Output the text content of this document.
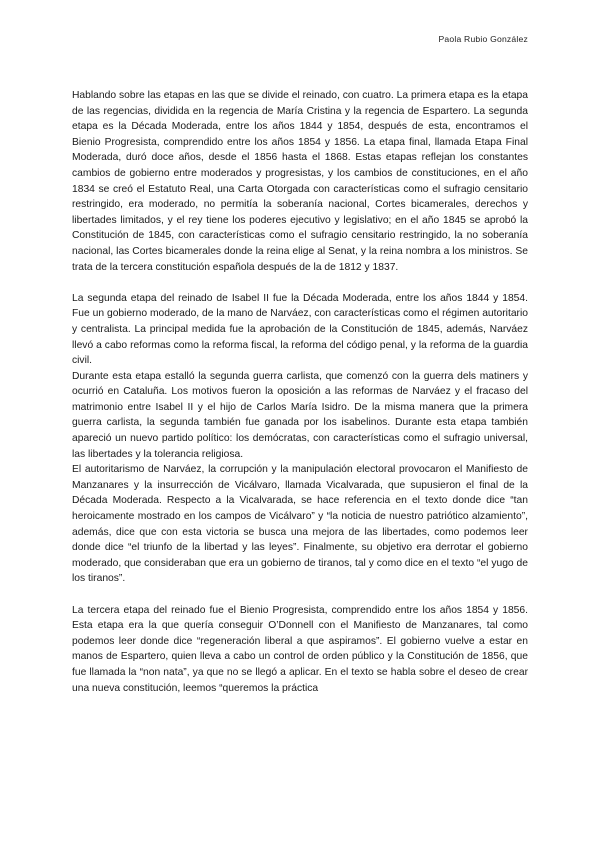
Paola Rubio González

Hablando sobre las etapas en las que se divide el reinado, con cuatro. La primera etapa es la etapa de las regencias, dividida en la regencia de María Cristina y la regencia de Espartero. La segunda etapa es la Década Moderada, entre los años 1844 y 1854, después de esta, encontramos el Bienio Progresista, comprendido entre los años 1854 y 1856. La etapa final, llamada Etapa Final Moderada, duró doce años, desde el 1856 hasta el 1868. Estas etapas reflejan los constantes cambios de gobierno entre moderados y progresistas, y los cambios de constituciones, en el año 1834 se creó el Estatuto Real, una Carta Otorgada con características como el sufragio censitario restringido, era moderado, no permitía la soberanía nacional, Cortes bicamerales, derechos y libertades limitados, y el rey tiene los poderes ejecutivo y legislativo; en el año 1845 se aprobó la Constitución de 1845, con características como el sufragio censitario restringido, la no soberanía nacional, las Cortes bicamerales donde la reina elige al Senat, y la reina nombra a los ministros. Se trata de la tercera constitución española después de la de 1812 y 1837.

La segunda etapa del reinado de Isabel II fue la Década Moderada, entre los años 1844 y 1854. Fue un gobierno moderado, de la mano de Narváez, con características como el régimen autoritario y centralista. La principal medida fue la aprobación de la Constitución de 1845, además, Narváez llevó a cabo reformas como la reforma fiscal, la reforma del código penal, y la reforma de la guardia civil.

Durante esta etapa estalló la segunda guerra carlista, que comenzó con la guerra dels matiners y ocurrió en Cataluña. Los motivos fueron la oposición a las reformas de Narváez y el fracaso del matrimonio entre Isabel II y el hijo de Carlos María Isidro. De la misma manera que la primera guerra carlista, la segunda también fue ganada por los isabelinos. Durante esta etapa también apareció un nuevo partido político: los demócratas, con características como el sufragio universal, las libertades y la tolerancia religiosa.

El autoritarismo de Narváez, la corrupción y la manipulación electoral provocaron el Manifiesto de Manzanares y la insurrección de Vicálvaro, llamada Vicalvarada, que supusieron el final de la Década Moderada. Respecto a la Vicalvarada, se hace referencia en el texto donde dice “tan heroicamente mostrado en los campos de Vicálvaro” y “la noticia de nuestro patriótico alzamiento”, además, dice que con esta victoria se busca una mejora de las libertades, como podemos leer donde dice “el triunfo de la libertad y las leyes”. Finalmente, su objetivo era derrotar el gobierno moderado, que consideraban que era un gobierno de tiranos, tal y como dice en el texto “el yugo de los tiranos”.

La tercera etapa del reinado fue el Bienio Progresista, comprendido entre los años 1854 y 1856. Esta etapa era la que quería conseguir O’Donnell con el Manifiesto de Manzanares, tal como podemos leer donde dice “regeneración liberal a que aspiramos”. El gobierno vuelve a estar en manos de Espartero, quien lleva a cabo un control de orden público y la Constitución de 1856, que fue llamada la “non nata”, ya que no se llegó a aplicar. En el texto se habla sobre el deseo de crear una nueva constitución, leemos “queremos la práctica
